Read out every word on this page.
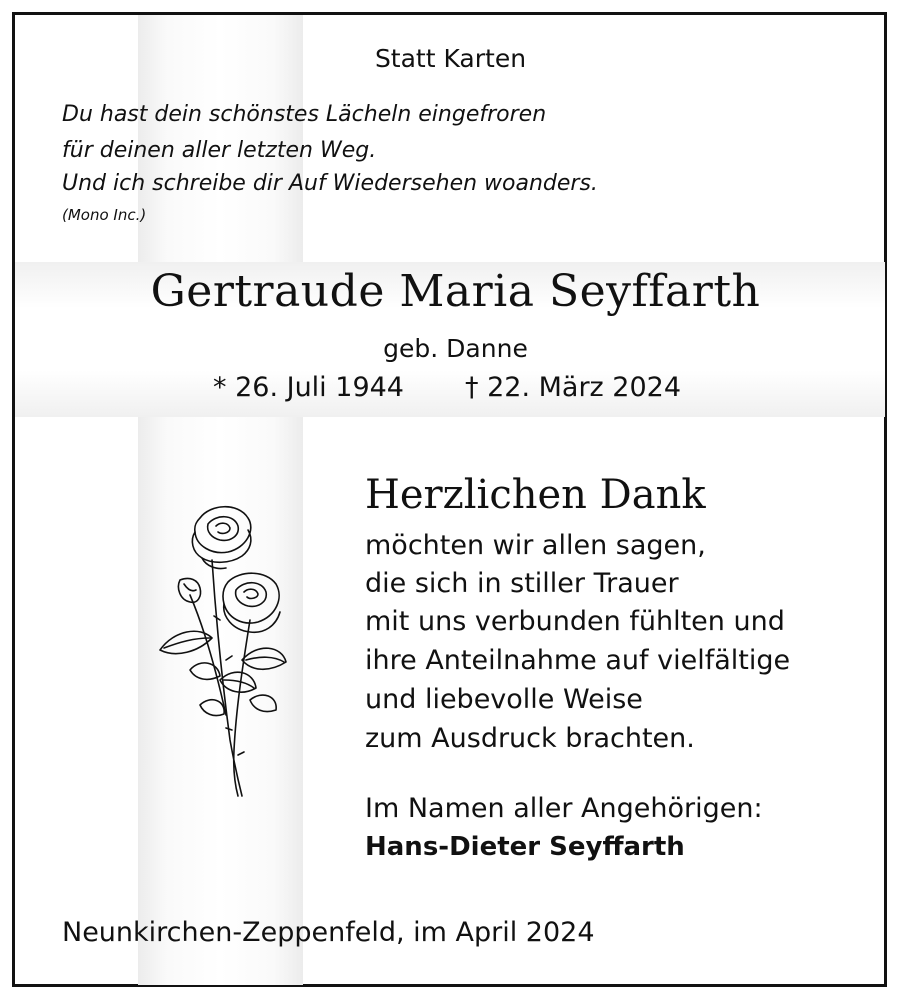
Statt Karten
Du hast dein schönstes Lächeln eingefroren
für deinen aller letzten Weg.
Und ich schreibe dir Auf Wiedersehen woanders.
(Mono Inc.)
Gertraude Maria Seyffarth
geb. Danne
* 26. Juli 1944 † 22. März 2024
Herzlichen Dank
möchten wir allen sagen,
die sich in stiller Trauer
mit uns verbunden fühlten und
ihre Anteilnahme auf vielfältige
und liebevolle Weise
zum Ausdruck brachten.
Im Namen aller Angehörigen:
Hans-Dieter Seyffarth
Neunkirchen-Zeppenfeld, im April 2024
